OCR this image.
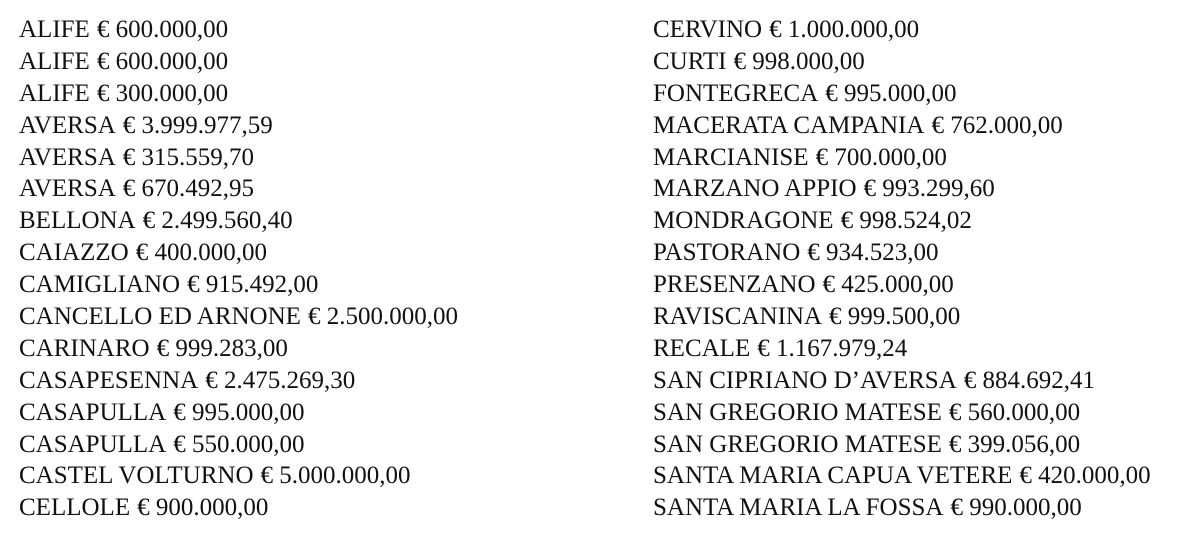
ALIFE € 600.000,00
ALIFE € 600.000,00
ALIFE € 300.000,00
AVERSA € 3.999.977,59
AVERSA € 315.559,70
AVERSA € 670.492,95
BELLONA € 2.499.560,40
CAIAZZO € 400.000,00
CAMIGLIANO € 915.492,00
CANCELLO ED ARNONE € 2.500.000,00
CARINARO € 999.283,00
CASAPESENNA € 2.475.269,30
CASAPULLA € 995.000,00
CASAPULLA € 550.000,00
CASTEL VOLTURNO € 5.000.000,00
CELLOLE € 900.000,00
CERVINO € 1.000.000,00
CURTI € 998.000,00
FONTEGRECA € 995.000,00
MACERATA CAMPANIA € 762.000,00
MARCIANISE € 700.000,00
MARZANO APPIO € 993.299,60
MONDRAGONE € 998.524,02
PASTORANO € 934.523,00
PRESENZANO € 425.000,00
RAVISCANINA € 999.500,00
RECALE € 1.167.979,24
SAN CIPRIANO D’AVERSA € 884.692,41
SAN GREGORIO MATESE € 560.000,00
SAN GREGORIO MATESE € 399.056,00
SANTA MARIA CAPUA VETERE € 420.000,00
SANTA MARIA LA FOSSA € 990.000,00
